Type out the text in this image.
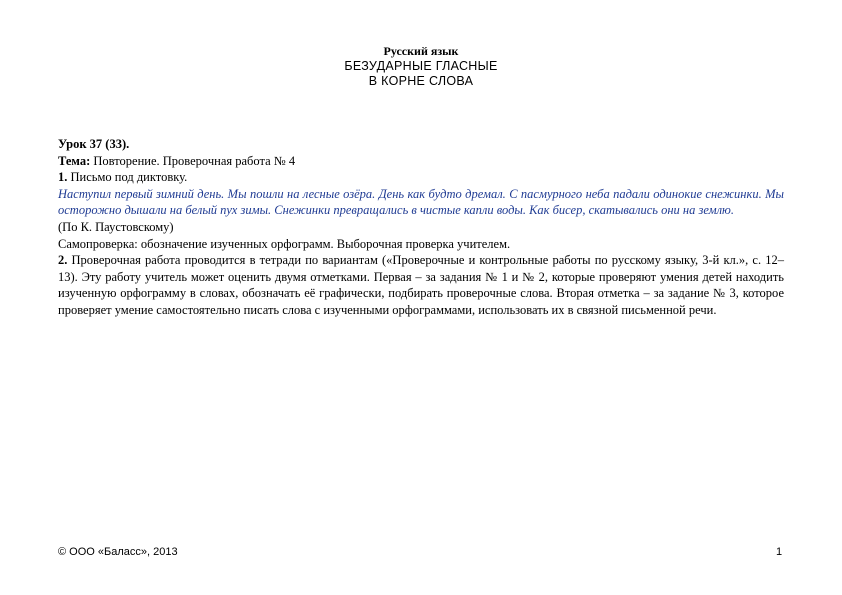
Русский язык
БЕЗУДАРНЫЕ ГЛАСНЫЕ
В КОРНЕ СЛОВА

Урок 37 (33).

Тема: Повторение. Проверочная работа № 4

1. Письмо под диктовку.

Наступил первый зимний день. Мы пошли на лесные озёра. День как будто дремал. С пасмурного неба падали одинокие снежинки. Мы осторожно дышали на белый пух зимы. Снежинки превращались в чистые капли воды. Как бисер, скатывались они на землю.

(По К. Паустовскому)

Самопроверка: обозначение изученных орфограмм. Выборочная проверка учителем.

2. Проверочная работа проводится в тетради по вариантам («Проверочные и контрольные работы по русскому языку, 3-й кл.», с. 12–13). Эту работу учитель может оценить двумя отметками. Первая – за задания № 1 и № 2, которые проверяют умения детей находить изученную орфограмму в словах, обозначать её графически, подбирать проверочные слова. Вторая отметка – за задание № 3, которое проверяет умение самостоятельно писать слова с изученными орфограммами, использовать их в связной письменной речи.

© ООО «Баласс», 2013	1
